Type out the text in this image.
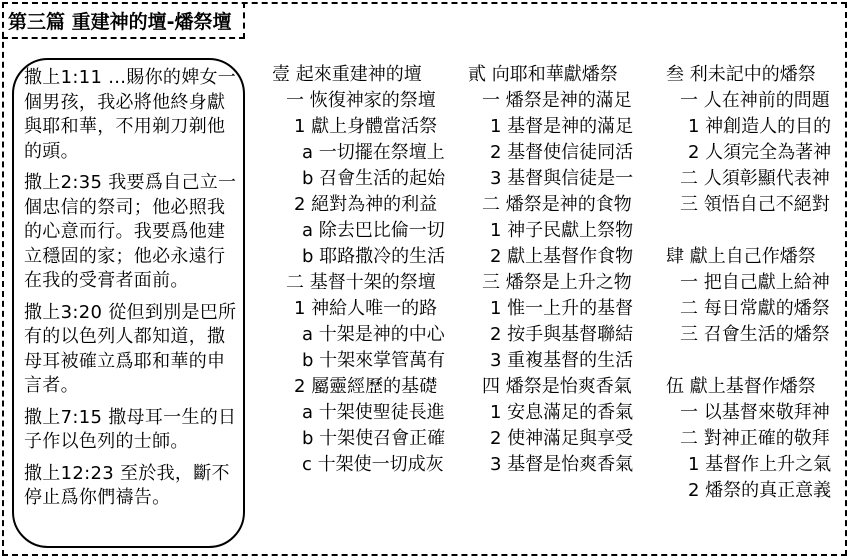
第三篇 重建神的壇-燔祭壇
撒上1:11 ...賜你的婢女一個男孩，我必將他終身獻與耶和華，不用剃刀剃他的頭。
撒上2:35 我要爲自己立一個忠信的祭司；他必照我的心意而行。我要爲他建立穩固的家；他必永遠行在我的受膏者面前。
撒上3:20 從但到別是巴所有的以色列人都知道，撒母耳被確立爲耶和華的申言者。
撒上7:15 撒母耳一生的日子作以色列的士師。
撒上12:23 至於我，斷不停止爲你們禱告。
壹 起來重建神的壇
一 恢復神家的祭壇
1 獻上身體當活祭
a 一切擺在祭壇上
b 召會生活的起始
2 絕對為神的利益
a 除去巴比倫一切
b 耶路撒冷的生活
二 基督十架的祭壇
1 神給人唯一的路
a 十架是神的中心
b 十架來掌管萬有
2 屬靈經歷的基礎
a 十架使聖徒長進
b 十架使召會正確
c 十架使一切成灰
貳 向耶和華獻燔祭
一 燔祭是神的滿足
1 基督是神的滿足
2 基督使信徒同活
3 基督與信徒是一
二 燔祭是神的食物
1 神子民獻上祭物
2 獻上基督作食物
三 燔祭是上升之物
1 惟一上升的基督
2 按手與基督聯結
3 重複基督的生活
四 燔祭是怡爽香氣
1 安息滿足的香氣
2 使神滿足與享受
3 基督是怡爽香氣
叁 利未記中的燔祭
一 人在神前的問題
1 神創造人的目的
2 人須完全為著神
二 人須彰顯代表神
三 領悟自己不絕對
肆 獻上自己作燔祭
一 把自己獻上給神
二 每日常獻的燔祭
三 召會生活的燔祭
伍 獻上基督作燔祭
一 以基督來敬拜神
二 對神正確的敬拜
1 基督作上升之氣
2 燔祭的真正意義
